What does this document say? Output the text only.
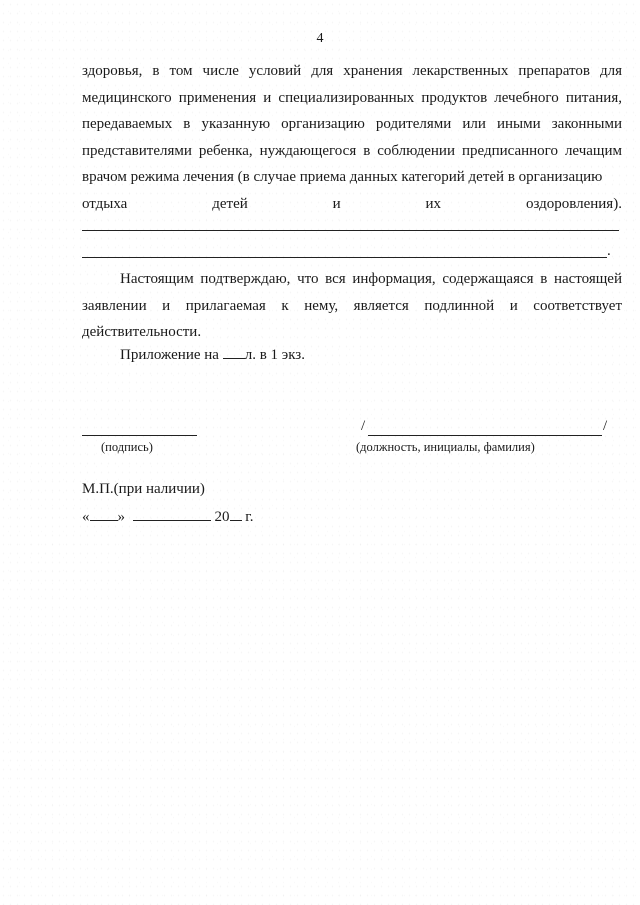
4
здоровья, в том числе условий для хранения лекарственных препаратов для медицинского применения и специализированных продуктов лечебного питания, передаваемых в указанную организацию родителями или иными законными представителями ребенка, нуждающегося в соблюдении предписанного лечащим врачом режима лечения (в случае приема данных категорий детей в организацию
отдыха	детей	и	их	оздоровления).
.
Настоящим подтверждаю, что вся информация, содержащаяся в настоящей заявлении и прилагаемая к нему, является подлинной и соответствует действительности.
Приложение на л. в 1 экз.
(подпись)
/	/
(должность, инициалы, фамилия)
М.П.(при наличии)
« »	20 г.
